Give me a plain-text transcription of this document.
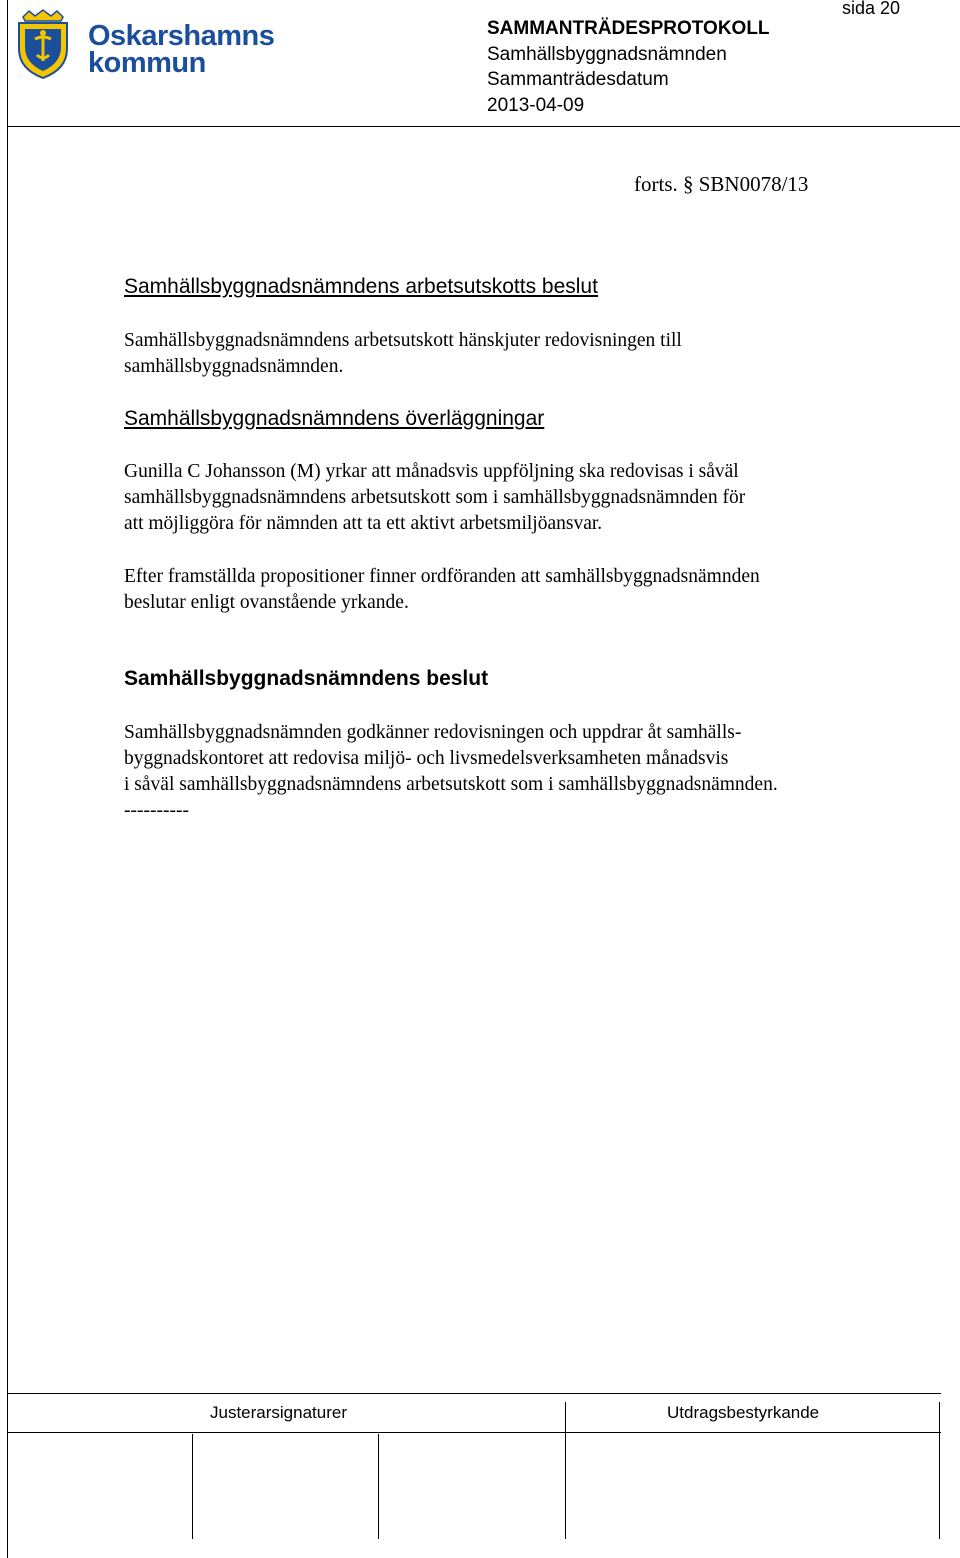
sida 20
Oskarshamns
kommun
SAMMANTRÄDESPROTOKOLL
Samhällsbyggnadsnämnden
Sammanträdesdatum
2013-04-09
forts. § SBN0078/13
Samhällsbyggnadsnämndens arbetsutskotts beslut
Samhällsbyggnadsnämndens arbetsutskott hänskjuter redovisningen till
samhällsbyggnadsnämnden.
Samhällsbyggnadsnämndens överläggningar
Gunilla C Johansson (M) yrkar att månadsvis uppföljning ska redovisas i såväl
samhällsbyggnadsnämndens arbetsutskott som i samhällsbyggnadsnämnden för
att möjliggöra för nämnden att ta ett aktivt arbetsmiljöansvar.
Efter framställda propositioner finner ordföranden att samhällsbyggnadsnämnden
beslutar enligt ovanstående yrkande.
Samhällsbyggnadsnämndens beslut
Samhällsbyggnadsnämnden godkänner redovisningen och uppdrar åt samhälls-
byggnadskontoret att redovisa miljö- och livsmedelsverksamheten månadsvis
i såväl samhällsbyggnadsnämndens arbetsutskott som i samhällsbyggnadsnämnden.
----------
Justerarsignaturer	Utdragsbestyrkande
